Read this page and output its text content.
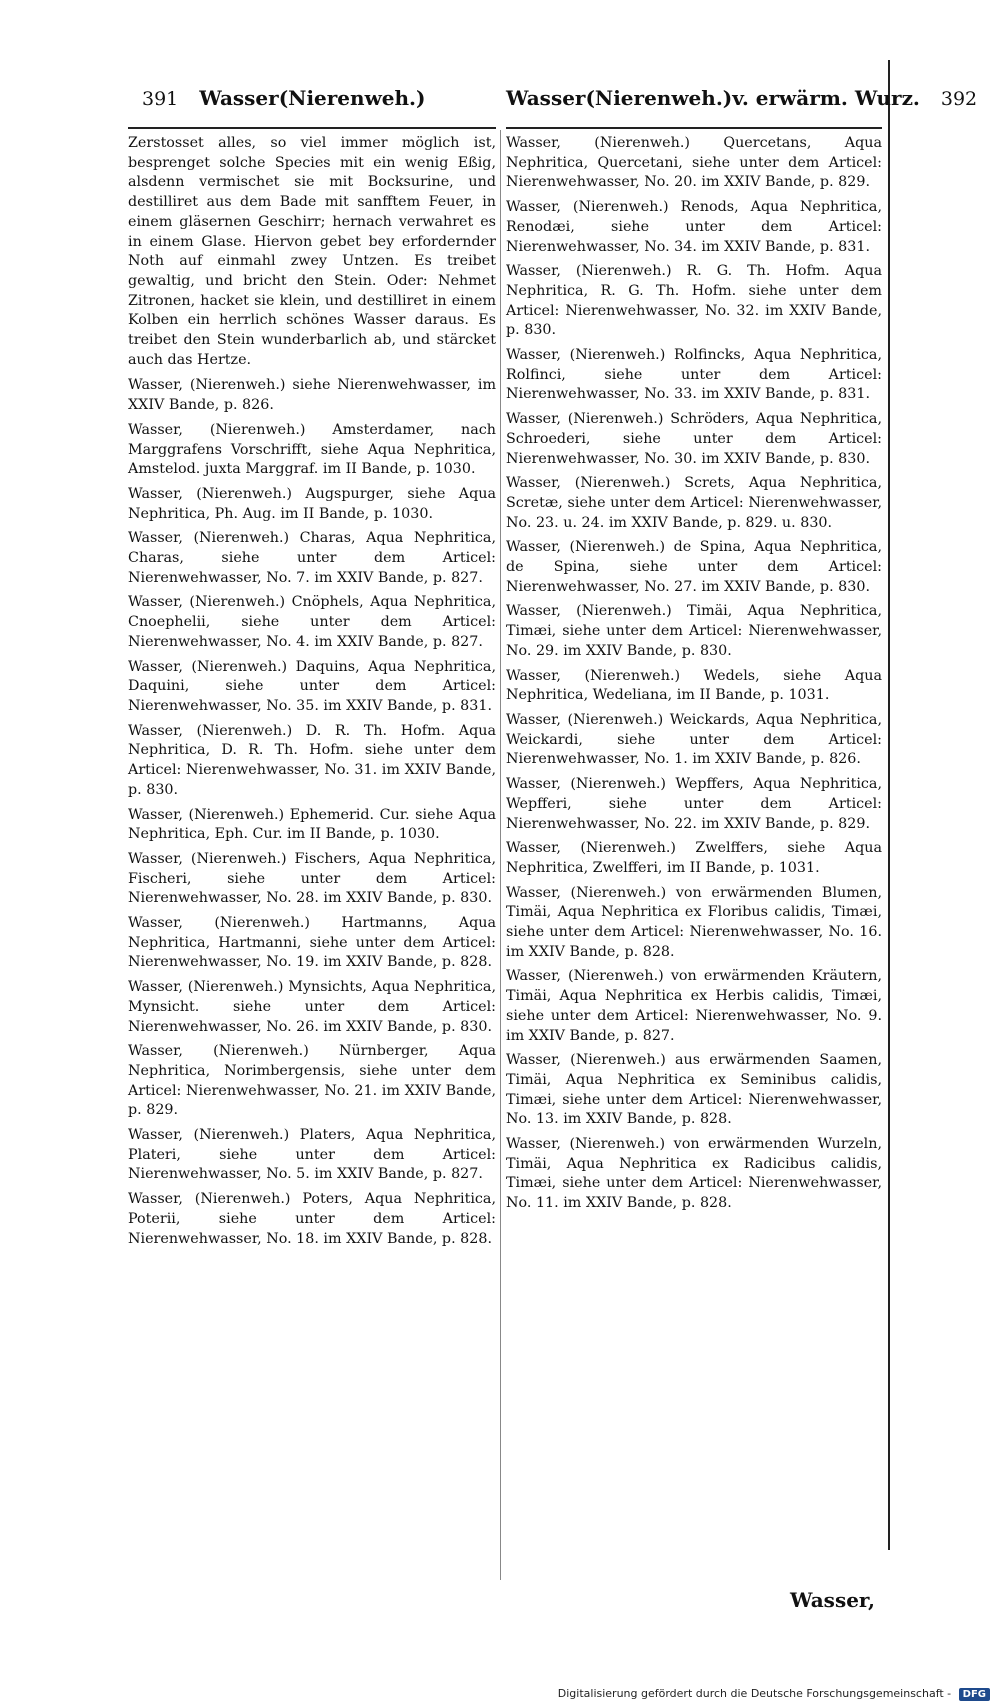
391 Wasser(Nierenweh.)	Wasser(Nierenweh.)v. erwärm. Wurz. 392

Zerstosset alles, so viel immer möglich ist, besprenget solche Species mit ein wenig Eßig, alsdenn vermischet sie mit Bocksurine, und destilliret aus dem Bade mit sanfftem Feuer, in einem gläsernen Geschirr; hernach verwahret es in einem Glase. Hiervon gebet bey erfordernder Noth auf einmahl zwey Untzen. Es treibet gewaltig, und bricht den Stein. Oder: Nehmet Zitronen, hacket sie klein, und destilliret in einem Kolben ein herrlich schönes Wasser daraus. Es treibet den Stein wunderbarlich ab, und stärcket auch das Hertze.

Wasser, (Nierenweh.) siehe Nierenwehwasser, im XXIV Bande, p. 826.

Wasser, (Nierenweh.) Amsterdamer, nach Marggrafens Vorschrifft, siehe Aqua Nephritica, Amstelod. juxta Marggraf. im II Bande, p. 1030.

Wasser, (Nierenweh.) Augspurger, siehe Aqua Nephritica, Ph. Aug. im II Bande, p. 1030.

Wasser, (Nierenweh.) Charas, Aqua Nephritica, Charas, siehe unter dem Articel: Nierenwehwasser, No. 7. im XXIV Bande, p. 827.

Wasser, (Nierenweh.) Cnöphels, Aqua Nephritica, Cnoephelii, siehe unter dem Articel: Nierenwehwasser, No. 4. im XXIV Bande, p. 827.

Wasser, (Nierenweh.) Daquins, Aqua Nephritica, Daquini, siehe unter dem Articel: Nierenwehwasser, No. 35. im XXIV Bande, p. 831.

Wasser, (Nierenweh.) D. R. Th. Hofm. Aqua Nephritica, D. R. Th. Hofm. siehe unter dem Articel: Nierenwehwasser, No. 31. im XXIV Bande, p. 830.

Wasser, (Nierenweh.) Ephemerid. Cur. siehe Aqua Nephritica, Eph. Cur. im II Bande, p. 1030.

Wasser, (Nierenweh.) Fischers, Aqua Nephritica, Fischeri, siehe unter dem Articel: Nierenwehwasser, No. 28. im XXIV Bande, p. 830.

Wasser, (Nierenweh.) Hartmanns, Aqua Nephritica, Hartmanni, siehe unter dem Articel: Nierenwehwasser, No. 19. im XXIV Bande, p. 828.

Wasser, (Nierenweh.) Mynsichts, Aqua Nephritica, Mynsicht. siehe unter dem Articel: Nierenwehwasser, No. 26. im XXIV Bande, p. 830.

Wasser, (Nierenweh.) Nürnberger, Aqua Nephritica, Norimbergensis, siehe unter dem Articel: Nierenwehwasser, No. 21. im XXIV Bande, p. 829.

Wasser, (Nierenweh.) Platers, Aqua Nephritica, Plateri, siehe unter dem Articel: Nierenwehwasser, No. 5. im XXIV Bande, p. 827.

Wasser, (Nierenweh.) Poters, Aqua Nephritica, Poterii, siehe unter dem Articel: Nierenwehwasser, No. 18. im XXIV Bande, p. 828.

Wasser, (Nierenweh.) Quercetans, Aqua Nephritica, Quercetani, siehe unter dem Articel: Nierenwehwasser, No. 20. im XXIV Bande, p. 829.

Wasser, (Nierenweh.) Renods, Aqua Nephritica, Renodæi, siehe unter dem Articel: Nierenwehwasser, No. 34. im XXIV Bande, p. 831.

Wasser, (Nierenweh.) R. G. Th. Hofm. Aqua Nephritica, R. G. Th. Hofm. siehe unter dem Articel: Nierenwehwasser, No. 32. im XXIV Bande, p. 830.

Wasser, (Nierenweh.) Rolfincks, Aqua Nephritica, Rolfinci, siehe unter dem Articel: Nierenwehwasser, No. 33. im XXIV Bande, p. 831.

Wasser, (Nierenweh.) Schröders, Aqua Nephritica, Schroederi, siehe unter dem Articel: Nierenwehwasser, No. 30. im XXIV Bande, p. 830.

Wasser, (Nierenweh.) Screts, Aqua Nephritica, Scretæ, siehe unter dem Articel: Nierenwehwasser, No. 23. u. 24. im XXIV Bande, p. 829. u. 830.

Wasser, (Nierenweh.) de Spina, Aqua Nephritica, de Spina, siehe unter dem Articel: Nierenwehwasser, No. 27. im XXIV Bande, p. 830.

Wasser, (Nierenweh.) Timäi, Aqua Nephritica, Timæi, siehe unter dem Articel: Nierenwehwasser, No. 29. im XXIV Bande, p. 830.

Wasser, (Nierenweh.) Wedels, siehe Aqua Nephritica, Wedeliana, im II Bande, p. 1031.

Wasser, (Nierenweh.) Weickards, Aqua Nephritica, Weickardi, siehe unter dem Articel: Nierenwehwasser, No. 1. im XXIV Bande, p. 826.

Wasser, (Nierenweh.) Wepffers, Aqua Nephritica, Wepfferi, siehe unter dem Articel: Nierenwehwasser, No. 22. im XXIV Bande, p. 829.

Wasser, (Nierenweh.) Zwelffers, siehe Aqua Nephritica, Zwelfferi, im II Bande, p. 1031.

Wasser, (Nierenweh.) von erwärmenden Blumen, Timäi, Aqua Nephritica ex Floribus calidis, Timæi, siehe unter dem Articel: Nierenwehwasser, No. 16. im XXIV Bande, p. 828.

Wasser, (Nierenweh.) von erwärmenden Kräutern, Timäi, Aqua Nephritica ex Herbis calidis, Timæi, siehe unter dem Articel: Nierenwehwasser, No. 9. im XXIV Bande, p. 827.

Wasser, (Nierenweh.) aus erwärmenden Saamen, Timäi, Aqua Nephritica ex Seminibus calidis, Timæi, siehe unter dem Articel: Nierenwehwasser, No. 13. im XXIV Bande, p. 828.

Wasser, (Nierenweh.) von erwärmenden Wurzeln, Timäi, Aqua Nephritica ex Radicibus calidis, Timæi, siehe unter dem Articel: Nierenwehwasser, No. 11. im XXIV Bande, p. 828.

Wasser,
Digitalisierung gefördert durch die Deutsche Forschungsgemeinschaft - DFG
